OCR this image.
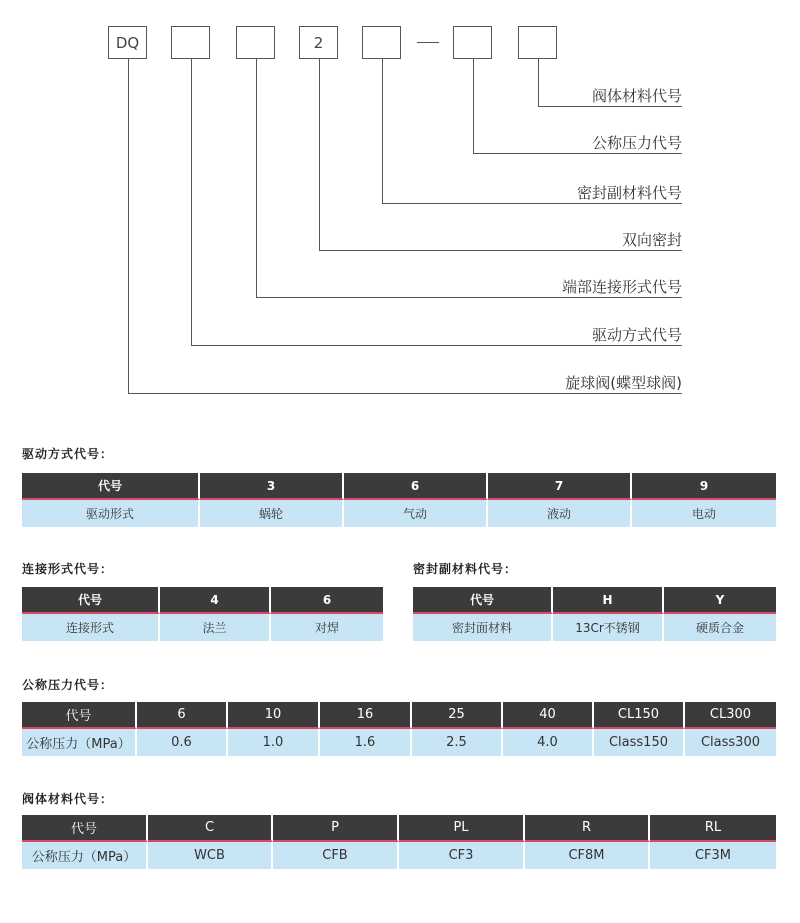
DQ	2
阀体材料代号
公称压力代号
密封副材料代号
双向密封
端部连接形式代号
驱动方式代号
旋球阀(蝶型球阀)
驱动方式代号：
代号	3	6	7	9
驱动形式	蜗轮	气动	液动	电动
连接形式代号：
代号	4	6
连接形式	法兰	对焊
密封副材料代号：
代号	H	Y
密封面材料	13Cr不锈钢	硬质合金
公称压力代号：
代号	6	10	16	25	40	CL150	CL300
公称压力（MPa）	0.6	1.0	1.6	2.5	4.0	Class150	Class300
阀体材料代号：
代号	C	P	PL	R	RL
公称压力（MPa）	WCB	CFB	CF3	CF8M	CF3M
